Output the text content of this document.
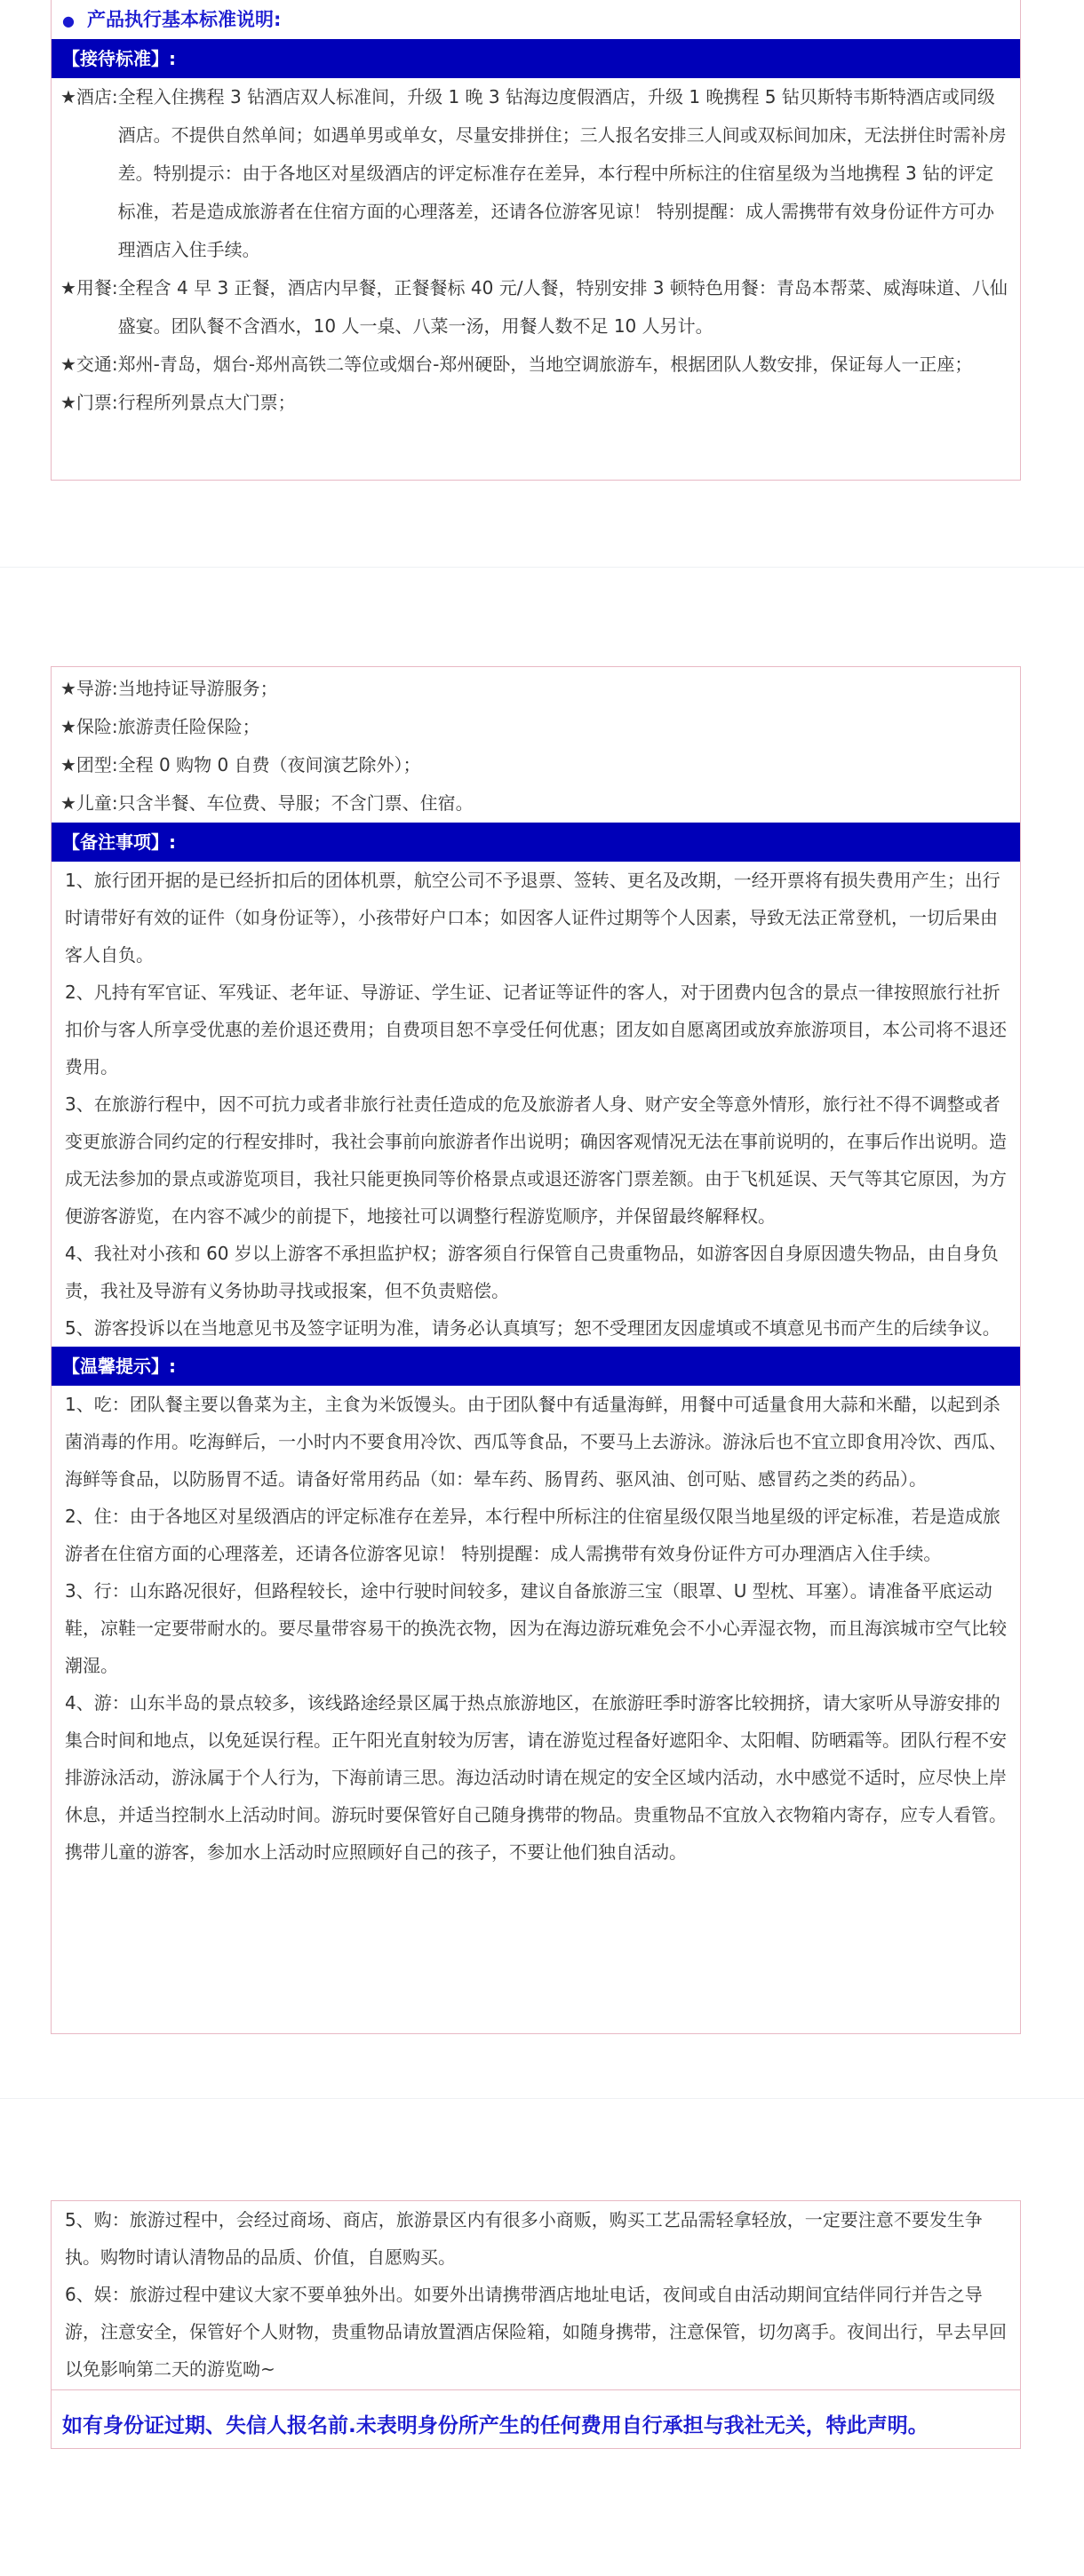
● 产品执行基本标准说明:
【接待标准】:
★酒店: 全程入住携程 3 钻酒店双人标准间，升级 1 晚 3 钻海边度假酒店，升级 1 晚携程 5 钻贝斯特韦斯特酒店或同级酒店。不提供自然单间；如遇单男或单女，尽量安排拼住；三人报名安排三人间或双标间加床，无法拼住时需补房差。特别提示：由于各地区对星级酒店的评定标准存在差异，本行程中所标注的住宿星级为当地携程 3 钻的评定标准，若是造成旅游者在住宿方面的心理落差，还请各位游客见谅！ 特别提醒：成人需携带有效身份证件方可办理酒店入住手续。
★用餐: 全程含 4 早 3 正餐，酒店内早餐，正餐餐标 40 元/人餐，特别安排 3 顿特色用餐：青岛本帮菜、威海味道、八仙盛宴。团队餐不含酒水，10 人一桌、八菜一汤，用餐人数不足 10 人另计。
★交通: 郑州-青岛，烟台-郑州高铁二等位或烟台-郑州硬卧，当地空调旅游车，根据团队人数安排，保证每人一正座；
★门票: 行程所列景点大门票；
★导游: 当地持证导游服务；
★保险: 旅游责任险保险；
★团型: 全程 0 购物 0 自费（夜间演艺除外）；
★儿童: 只含半餐、车位费、导服；不含门票、住宿。
【备注事项】:
1、旅行团开据的是已经折扣后的团体机票，航空公司不予退票、签转、更名及改期，一经开票将有损失费用产生；出行时请带好有效的证件（如身份证等），小孩带好户口本；如因客人证件过期等个人因素，导致无法正常登机，一切后果由客人自负。
2、凡持有军官证、军残证、老年证、导游证、学生证、记者证等证件的客人，对于团费内包含的景点一律按照旅行社折扣价与客人所享受优惠的差价退还费用；自费项目恕不享受任何优惠；团友如自愿离团或放弃旅游项目，本公司将不退还费用。
3、在旅游行程中，因不可抗力或者非旅行社责任造成的危及旅游者人身、财产安全等意外情形，旅行社不得不调整或者变更旅游合同约定的行程安排时，我社会事前向旅游者作出说明；确因客观情况无法在事前说明的，在事后作出说明。造成无法参加的景点或游览项目，我社只能更换同等价格景点或退还游客门票差额。由于飞机延误、天气等其它原因，为方便游客游览，在内容不减少的前提下，地接社可以调整行程游览顺序，并保留最终解释权。
4、我社对小孩和 60 岁以上游客不承担监护权；游客须自行保管自己贵重物品，如游客因自身原因遗失物品，由自身负责，我社及导游有义务协助寻找或报案，但不负责赔偿。
5、游客投诉以在当地意见书及签字证明为准，请务必认真填写；恕不受理团友因虚填或不填意见书而产生的后续争议。
【温馨提示】:
1、吃：团队餐主要以鲁菜为主，主食为米饭馒头。由于团队餐中有适量海鲜，用餐中可适量食用大蒜和米醋，以起到杀菌消毒的作用。吃海鲜后，一小时内不要食用冷饮、西瓜等食品，不要马上去游泳。游泳后也不宜立即食用冷饮、西瓜、海鲜等食品，以防肠胃不适。请备好常用药品（如：晕车药、肠胃药、驱风油、创可贴、感冒药之类的药品）。
2、住：由于各地区对星级酒店的评定标准存在差异，本行程中所标注的住宿星级仅限当地星级的评定标准，若是造成旅游者在住宿方面的心理落差，还请各位游客见谅！ 特别提醒：成人需携带有效身份证件方可办理酒店入住手续。
3、行：山东路况很好，但路程较长，途中行驶时间较多，建议自备旅游三宝（眼罩、U 型枕、耳塞）。请准备平底运动鞋，凉鞋一定要带耐水的。要尽量带容易干的换洗衣物，因为在海边游玩难免会不小心弄湿衣物，而且海滨城市空气比较潮湿。
4、游：山东半岛的景点较多，该线路途经景区属于热点旅游地区，在旅游旺季时游客比较拥挤，请大家听从导游安排的集合时间和地点，以免延误行程。正午阳光直射较为厉害，请在游览过程备好遮阳伞、太阳帽、防晒霜等。团队行程不安排游泳活动，游泳属于个人行为，下海前请三思。海边活动时请在规定的安全区域内活动，水中感觉不适时，应尽快上岸休息，并适当控制水上活动时间。游玩时要保管好自己随身携带的物品。贵重物品不宜放入衣物箱内寄存，应专人看管。携带儿童的游客，参加水上活动时应照顾好自己的孩子，不要让他们独自活动。
5、购：旅游过程中，会经过商场、商店，旅游景区内有很多小商贩，购买工艺品需轻拿轻放，一定要注意不要发生争执。购物时请认清物品的品质、价值，自愿购买。
6、娱：旅游过程中建议大家不要单独外出。如要外出请携带酒店地址电话，夜间或自由活动期间宜结伴同行并告之导游，注意安全，保管好个人财物，贵重物品请放置酒店保险箱，如随身携带，注意保管，切勿离手。夜间出行，早去早回以免影响第二天的游览呦~
如有身份证过期、失信人报名前.未表明身份所产生的任何费用自行承担与我社无关，特此声明。
